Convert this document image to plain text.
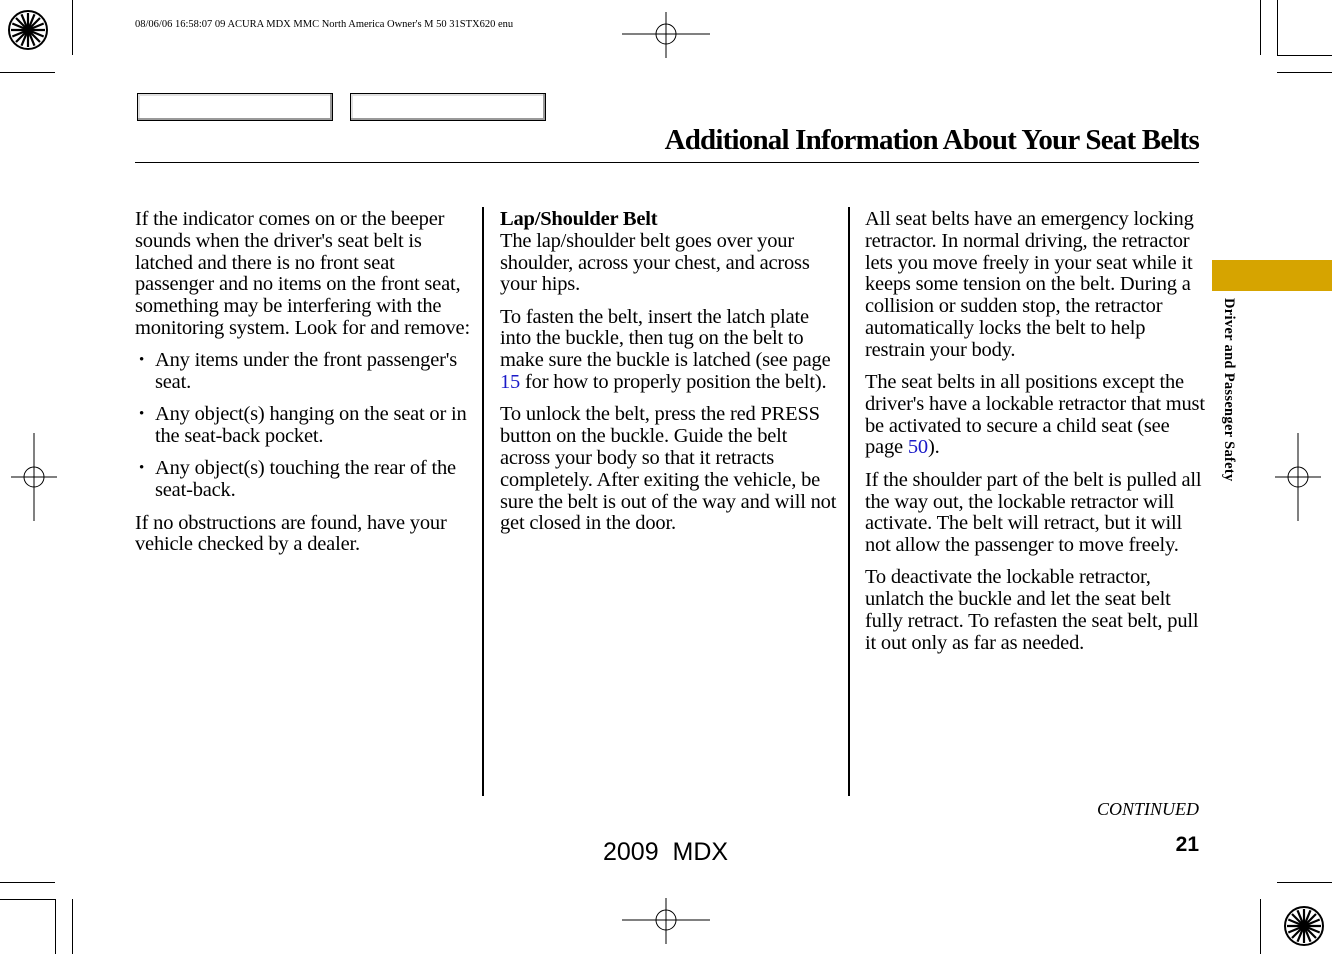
08/06/06 16:58:07 09 ACURA MDX MMC North America Owner's M 50 31STX620 enu
Additional Information About Your Seat Belts
Driver and Passenger Safety

If the indicator comes on or the beeper sounds when the driver's seat belt is latched and there is no front seat passenger and no items on the front seat, something may be interfering with the monitoring system. Look for and remove:

• Any items under the front passenger's seat.
• Any object(s) hanging on the seat or in the seat-back pocket.
• Any object(s) touching the rear of the seat-back.

If no obstructions are found, have your vehicle checked by a dealer.

Lap/Shoulder Belt
The lap/shoulder belt goes over your shoulder, across your chest, and across your hips.

To fasten the belt, insert the latch plate into the buckle, then tug on the belt to make sure the buckle is latched (see page 15 for how to properly position the belt).

To unlock the belt, press the red PRESS button on the buckle. Guide the belt across your body so that it retracts completely. After exiting the vehicle, be sure the belt is out of the way and will not get closed in the door.

All seat belts have an emergency locking retractor. In normal driving, the retractor lets you move freely in your seat while it keeps some tension on the belt. During a collision or sudden stop, the retractor automatically locks the belt to help restrain your body.

The seat belts in all positions except the driver's have a lockable retractor that must be activated to secure a child seat (see page 50).

If the shoulder part of the belt is pulled all the way out, the lockable retractor will activate. The belt will retract, but it will not allow the passenger to move freely.

To deactivate the lockable retractor, unlatch the buckle and let the seat belt fully retract. To refasten the seat belt, pull it out only as far as needed.

CONTINUED
21
2009  MDX
